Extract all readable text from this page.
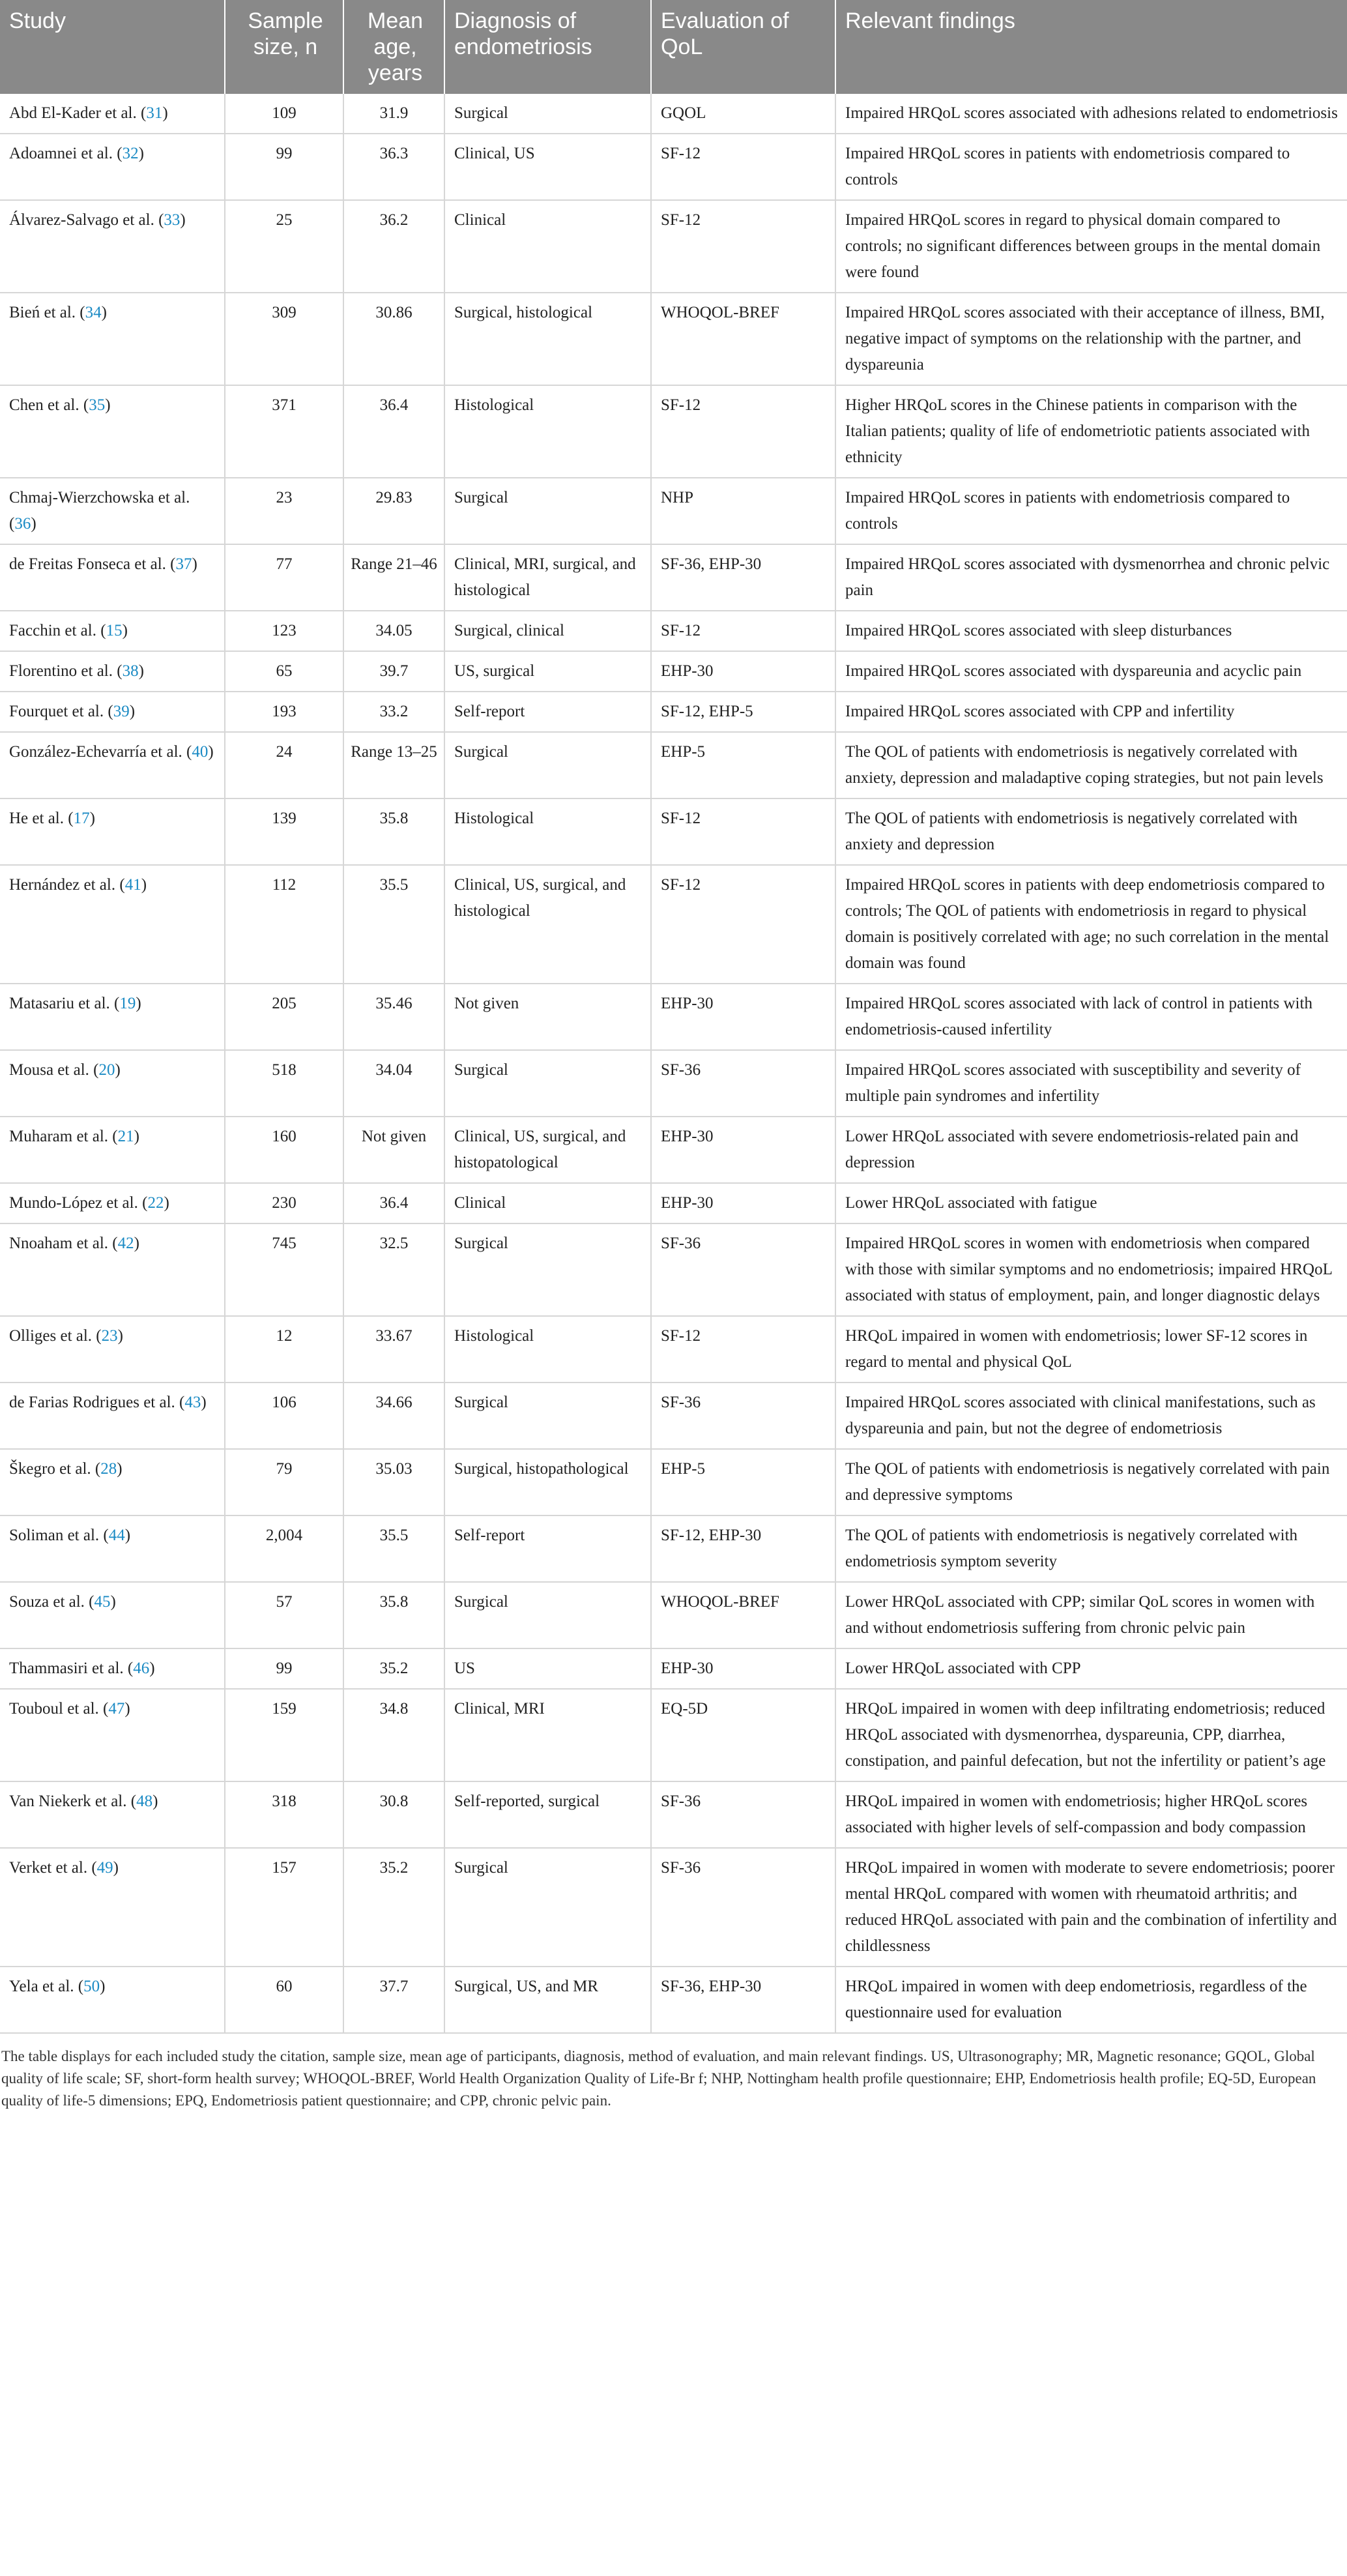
Study	Sample size, n	Mean age, years	Diagnosis of endometriosis	Evaluation of QoL	Relevant findings
Abd El-Kader et al. (31)	109	31.9	Surgical	GQOL	Impaired HRQoL scores associated with adhesions related to endometriosis
Adoamnei et al. (32)	99	36.3	Clinical, US	SF-12	Impaired HRQoL scores in patients with endometriosis compared to controls
Álvarez-Salvago et al. (33)	25	36.2	Clinical	SF-12	Impaired HRQoL scores in regard to physical domain compared to controls; no significant differences between groups in the mental domain were found
Bień et al. (34)	309	30.86	Surgical, histological	WHOQOL-BREF	Impaired HRQoL scores associated with their acceptance of illness, BMI, negative impact of symptoms on the relationship with the partner, and dyspareunia
Chen et al. (35)	371	36.4	Histological	SF-12	Higher HRQoL scores in the Chinese patients in comparison with the Italian patients; quality of life of endometriotic patients associated with ethnicity
Chmaj-Wierzchowska et al. (36)	23	29.83	Surgical	NHP	Impaired HRQoL scores in patients with endometriosis compared to controls
de Freitas Fonseca et al. (37)	77	Range 21–46	Clinical, MRI, surgical, and histological	SF-36, EHP-30	Impaired HRQoL scores associated with dysmenorrhea and chronic pelvic pain
Facchin et al. (15)	123	34.05	Surgical, clinical	SF-12	Impaired HRQoL scores associated with sleep disturbances
Florentino et al. (38)	65	39.7	US, surgical	EHP-30	Impaired HRQoL scores associated with dyspareunia and acyclic pain
Fourquet et al. (39)	193	33.2	Self-report	SF-12, EHP-5	Impaired HRQoL scores associated with CPP and infertility
González-Echevarría et al. (40)	24	Range 13–25	Surgical	EHP-5	The QOL of patients with endometriosis is negatively correlated with anxiety, depression and maladaptive coping strategies, but not pain levels
He et al. (17)	139	35.8	Histological	SF-12	The QOL of patients with endometriosis is negatively correlated with anxiety and depression
Hernández et al. (41)	112	35.5	Clinical, US, surgical, and histological	SF-12	Impaired HRQoL scores in patients with deep endometriosis compared to controls; The QOL of patients with endometriosis in regard to physical domain is positively correlated with age; no such correlation in the mental domain was found
Matasariu et al. (19)	205	35.46	Not given	EHP-30	Impaired HRQoL scores associated with lack of control in patients with endometriosis-caused infertility
Mousa et al. (20)	518	34.04	Surgical	SF-36	Impaired HRQoL scores associated with susceptibility and severity of multiple pain syndromes and infertility
Muharam et al. (21)	160	Not given	Clinical, US, surgical, and histopatological	EHP-30	Lower HRQoL associated with severe endometriosis-related pain and depression
Mundo-López et al. (22)	230	36.4	Clinical	EHP-30	Lower HRQoL associated with fatigue
Nnoaham et al. (42)	745	32.5	Surgical	SF-36	Impaired HRQoL scores in women with endometriosis when compared with those with similar symptoms and no endometriosis; impaired HRQoL associated with status of employment, pain, and longer diagnostic delays
Olliges et al. (23)	12	33.67	Histological	SF-12	HRQoL impaired in women with endometriosis; lower SF-12 scores in regard to mental and physical QoL
de Farias Rodrigues et al. (43)	106	34.66	Surgical	SF-36	Impaired HRQoL scores associated with clinical manifestations, such as dyspareunia and pain, but not the degree of endometriosis
Škegro et al. (28)	79	35.03	Surgical, histopathological	EHP-5	The QOL of patients with endometriosis is negatively correlated with pain and depressive symptoms
Soliman et al. (44)	2,004	35.5	Self-report	SF-12, EHP-30	The QOL of patients with endometriosis is negatively correlated with endometriosis symptom severity
Souza et al. (45)	57	35.8	Surgical	WHOQOL-BREF	Lower HRQoL associated with CPP; similar QoL scores in women with and without endometriosis suffering from chronic pelvic pain
Thammasiri et al. (46)	99	35.2	US	EHP-30	Lower HRQoL associated with CPP
Touboul et al. (47)	159	34.8	Clinical, MRI	EQ-5D	HRQoL impaired in women with deep infiltrating endometriosis; reduced HRQoL associated with dysmenorrhea, dyspareunia, CPP, diarrhea, constipation, and painful defecation, but not the infertility or patient’s age
Van Niekerk et al. (48)	318	30.8	Self-reported, surgical	SF-36	HRQoL impaired in women with endometriosis; higher HRQoL scores associated with higher levels of self-compassion and body compassion
Verket et al. (49)	157	35.2	Surgical	SF-36	HRQoL impaired in women with moderate to severe endometriosis; poorer mental HRQoL compared with women with rheumatoid arthritis; and reduced HRQoL associated with pain and the combination of infertility and childlessness
Yela et al. (50)	60	37.7	Surgical, US, and MR	SF-36, EHP-30	HRQoL impaired in women with deep endometriosis, regardless of the questionnaire used for evaluation
The table displays for each included study the citation, sample size, mean age of participants, diagnosis, method of evaluation, and main relevant findings. US, Ultrasonography; MR, Magnetic resonance; GQOL, Global quality of life scale; SF, short-form health survey; WHOQOL-BREF, World Health Organization Quality of Life-Br f; NHP, Nottingham health profile questionnaire; EHP, Endometriosis health profile; EQ-5D, European quality of life-5 dimensions; EPQ, Endometriosis patient questionnaire; and CPP, chronic pelvic pain.
